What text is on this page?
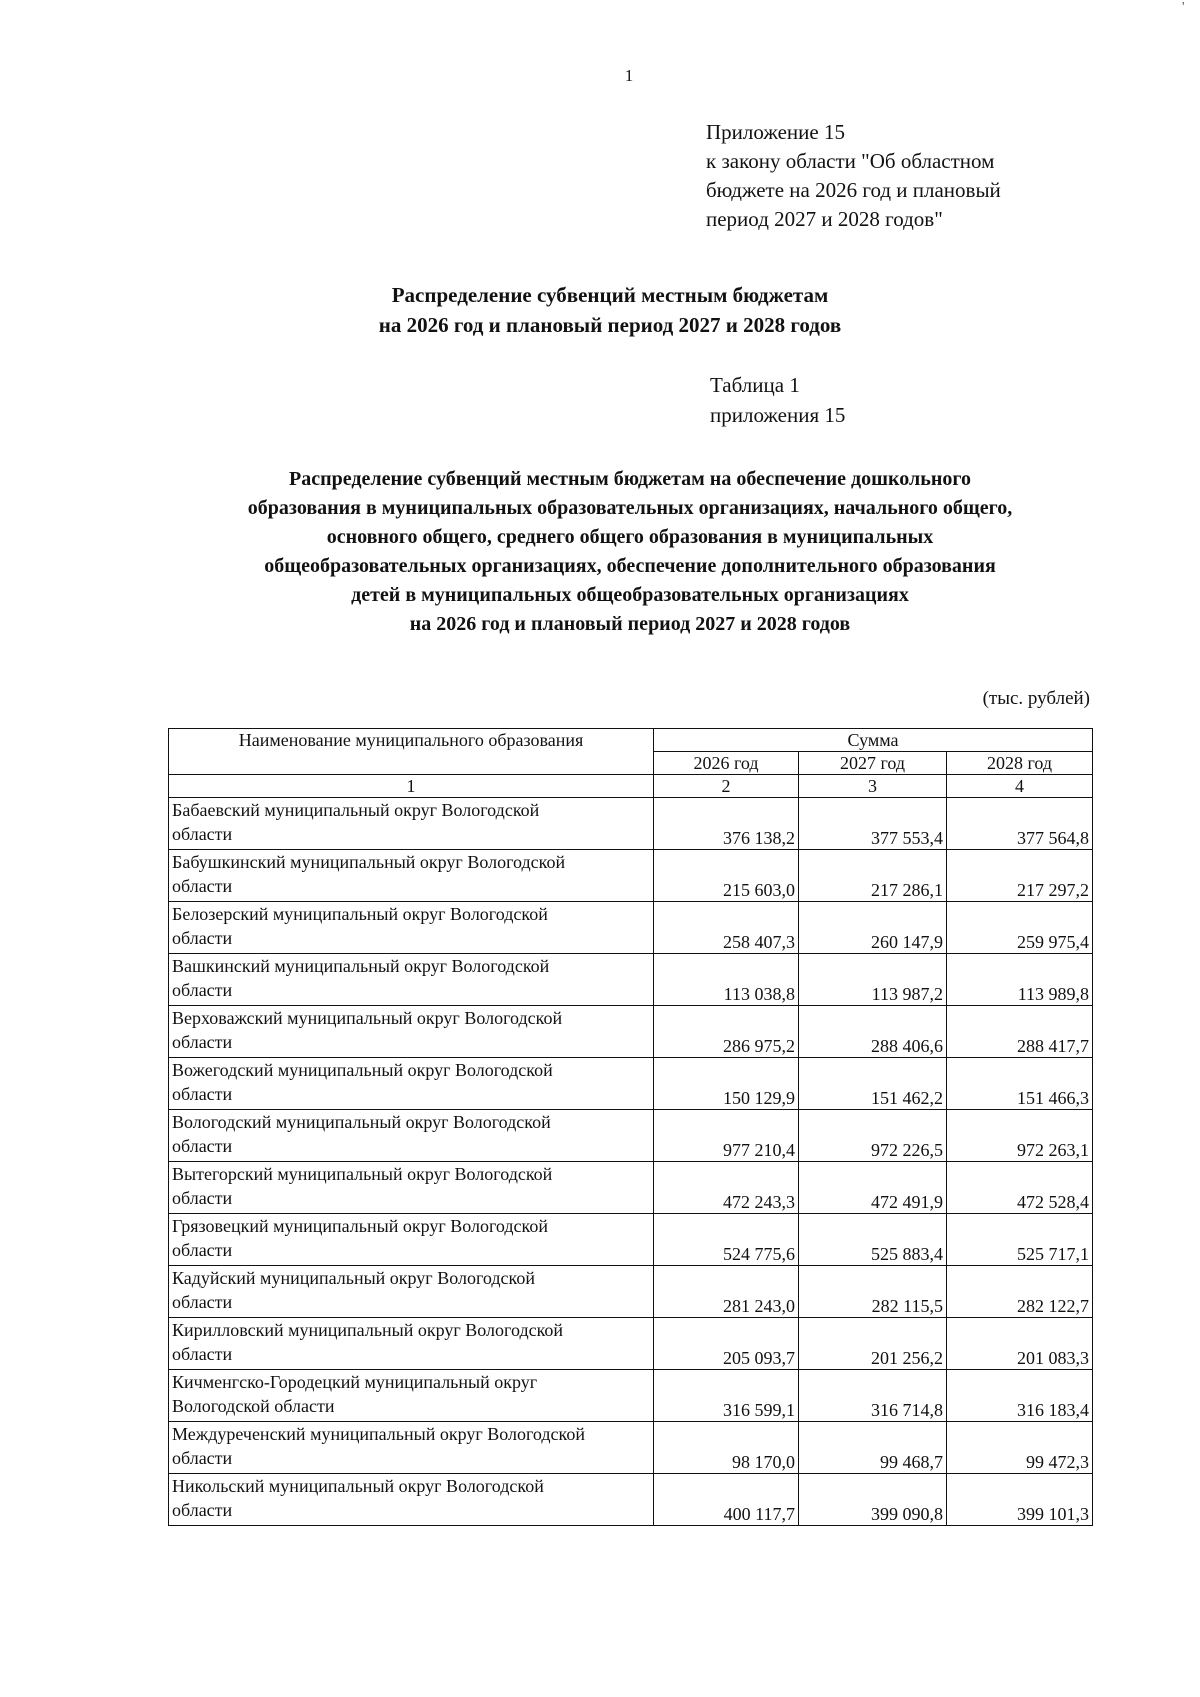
'
1
Приложение 15
к закону области "Об областном
бюджете на 2026 год и плановый
период 2027 и 2028 годов"
Распределение субвенций местным бюджетам
на 2026 год и плановый период 2027 и 2028 годов
Таблица 1
приложения 15
Распределение субвенций местным бюджетам на обеспечение дошкольного
образования в муниципальных образовательных организациях, начального общего,
основного общего, среднего общего образования в муниципальных
общеобразовательных организациях, обеспечение дополнительного образования
детей в муниципальных общеобразовательных организациях
на 2026 год и плановый период 2027 и 2028 годов
(тыс. рублей)
Наименование муниципального образования	Сумма		
	2026 год	2027 год	2028 год
1	2	3	4

Бабаевский муниципальный округ Вологодской
области	376 138,2	377 553,4	377 564,8

Бабушкинский муниципальный округ Вологодской
области	215 603,0	217 286,1	217 297,2

Белозерский муниципальный округ Вологодской
области	258 407,3	260 147,9	259 975,4

Вашкинский муниципальный округ Вологодской
области	113 038,8	113 987,2	113 989,8

Верховажский муниципальный округ Вологодской
области	286 975,2	288 406,6	288 417,7

Вожегодский муниципальный округ Вологодской
области	150 129,9	151 462,2	151 466,3

Вологодский муниципальный округ Вологодской
области	977 210,4	972 226,5	972 263,1

Вытегорский муниципальный округ Вологодской
области	472 243,3	472 491,9	472 528,4

Грязовецкий муниципальный округ Вологодской
области	524 775,6	525 883,4	525 717,1

Кадуйский муниципальный округ Вологодской
области	281 243,0	282 115,5	282 122,7

Кирилловский муниципальный округ Вологодской
области	205 093,7	201 256,2	201 083,3

Кичменгско-Городецкий муниципальный округ
Вологодской области	316 599,1	316 714,8	316 183,4

Междуреченский муниципальный округ Вологодской
области	98 170,0	99 468,7	99 472,3

Никольский муниципальный округ Вологодской
области	400 117,7	399 090,8	399 101,3
